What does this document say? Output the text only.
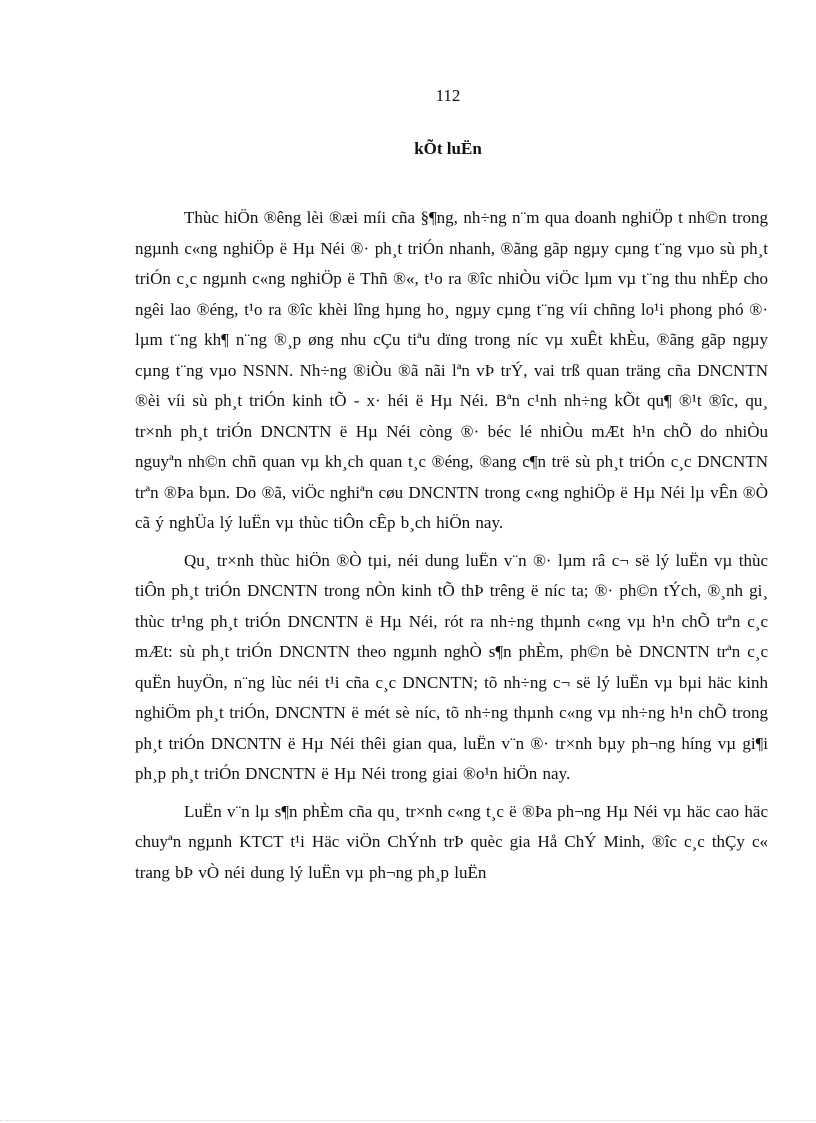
112
kÕt luËn

Thùc hiÖn ®êng lèi ®æi míi cña §¶ng, nh÷ng n¨m qua doanh nghiÖp t nh©n trong ngµnh c«ng nghiÖp ë Hµ Néi ®· ph¸t triÓn nhanh, ®ãng gãp ngµy cµng t¨ng vµo sù ph¸t triÓn c¸c ngµnh c«ng nghiÖp ë Thñ ®«, t¹o ra ®îc nhiÒu viÖc lµm vµ t¨ng thu nhËp cho ngêi lao ®éng, t¹o ra ®îc khèi lîng hµng ho¸ ngµy cµng t¨ng víi chñng lo¹i phong phó ®· lµm t¨ng kh¶ n¨ng ®¸p øng nhu cÇu tiªu dïng trong níc vµ xuÊt khÈu, ®ãng gãp ngµy cµng t¨ng vµo NSNN. Nh÷ng ®iÒu ®ã nãi lªn vÞ trÝ, vai trß quan träng cña DNCNTN ®èi víi sù ph¸t triÓn kinh tÕ - x· héi ë Hµ Néi. Bªn c¹nh nh÷ng kÕt qu¶ ®¹t ®îc, qu¸ tr×nh ph¸t triÓn DNCNTN ë Hµ Néi còng ®· béc lé nhiÒu mÆt h¹n chÕ do nhiÒu nguyªn nh©n chñ quan vµ kh¸ch quan t¸c ®éng, ®ang c¶n trë sù ph¸t triÓn c¸c DNCNTN trªn ®Þa bµn. Do ®ã, viÖc nghiªn cøu DNCNTN trong c«ng nghiÖp ë Hµ Néi lµ vÊn ®Ò cã ý nghÜa lý luËn vµ thùc tiÔn cÊp b¸ch hiÖn nay.

Qu¸ tr×nh thùc hiÖn ®Ò tµi, néi dung luËn v¨n ®· lµm râ c¬ së lý luËn vµ thùc tiÔn ph¸t triÓn DNCNTN trong nÒn kinh tÕ thÞ trêng ë níc ta; ®· ph©n tÝch, ®¸nh gi¸ thùc tr¹ng ph¸t triÓn DNCNTN ë Hµ Néi, rót ra nh÷ng thµnh c«ng vµ h¹n chÕ trªn c¸c mÆt: sù ph¸t triÓn DNCNTN theo ngµnh nghÒ s¶n phÈm, ph©n bè DNCNTN trªn c¸c quËn huyÖn, n¨ng lùc néi t¹i cña c¸c DNCNTN; tõ nh÷ng c¬ së lý luËn vµ bµi häc kinh nghiÖm ph¸t triÓn, DNCNTN ë mét sè níc, tõ nh÷ng thµnh c«ng vµ nh÷ng h¹n chÕ trong ph¸t triÓn DNCNTN ë Hµ Néi thêi gian qua, luËn v¨n ®· tr×nh bµy ph¬ng híng vµ gi¶i ph¸p ph¸t triÓn DNCNTN ë Hµ Néi trong giai ®o¹n hiÖn nay.

LuËn v¨n lµ s¶n phÈm cña qu¸ tr×nh c«ng t¸c ë ®Þa ph¬ng Hµ Néi vµ häc cao häc chuyªn ngµnh KTCT t¹i Häc viÖn ChÝnh trÞ quèc gia Hå ChÝ Minh, ®îc c¸c thÇy c« trang bÞ vÒ néi dung lý luËn vµ ph¬ng ph¸p luËn
